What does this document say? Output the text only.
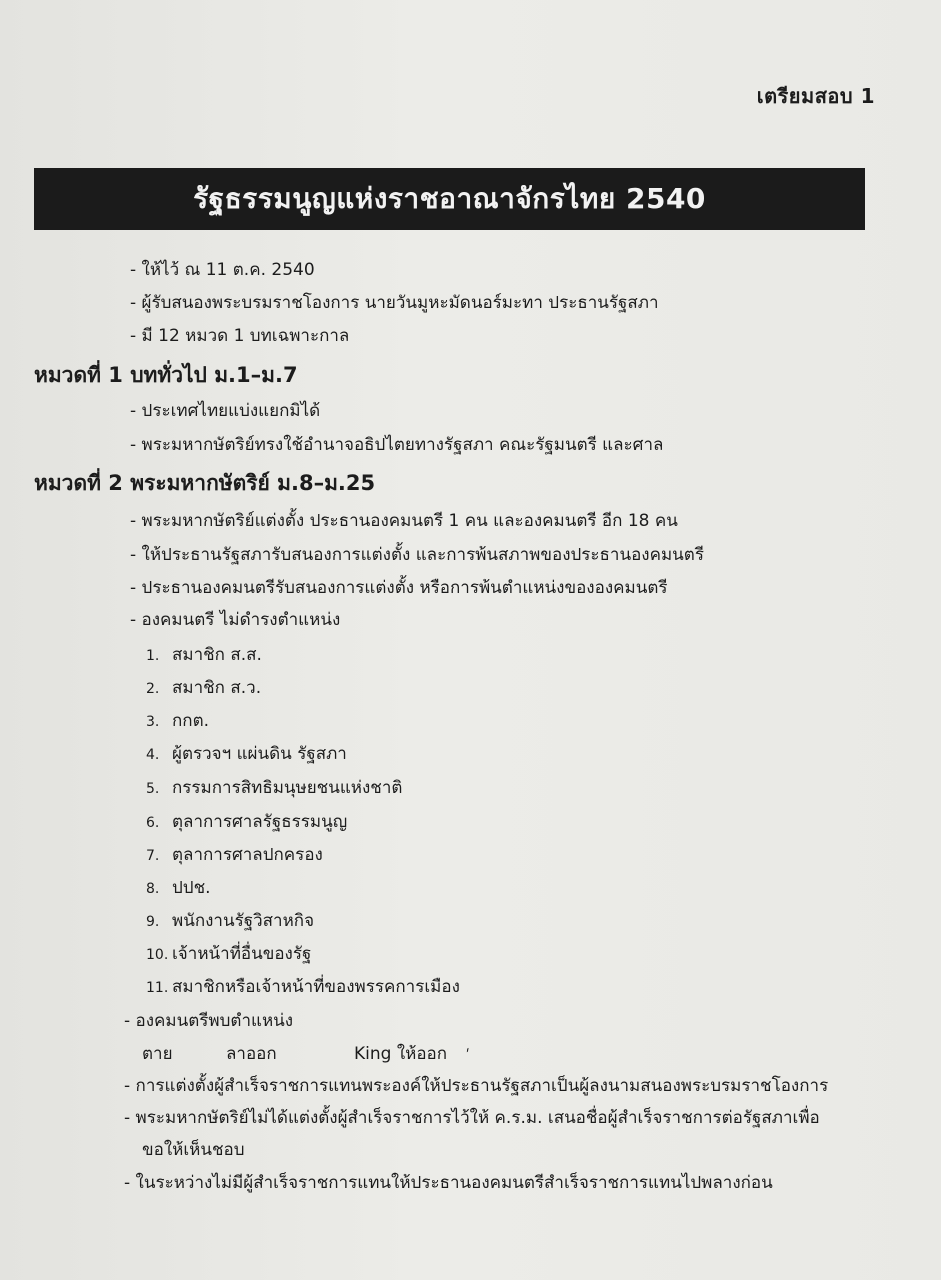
เตรียมสอบ 1
รัฐธรรมนูญแห่งราชอาณาจักรไทย 2540
- ให้ไว้ ณ 11 ต.ค. 2540
- ผู้รับสนองพระบรมราชโองการ นายวันมูหะมัดนอร์มะทา ประธานรัฐสภา
- มี 12 หมวด 1 บทเฉพาะกาล
หมวดที่ 1 บททั่วไป ม.1–ม.7
- ประเทศไทยแบ่งแยกมิได้
- พระมหากษัตริย์ทรงใช้อำนาจอธิปไตยทางรัฐสภา คณะรัฐมนตรี และศาล
หมวดที่ 2 พระมหากษัตริย์ ม.8–ม.25
- พระมหากษัตริย์แต่งตั้ง ประธานองคมนตรี 1 คน และองคมนตรี อีก 18 คน
- ให้ประธานรัฐสภารับสนองการแต่งตั้ง และการพ้นสภาพของประธานองคมนตรี
- ประธานองคมนตรีรับสนองการแต่งตั้ง หรือการพ้นตำแหน่งขององคมนตรี
- องคมนตรี ไม่ดำรงตำแหน่ง
1. สมาชิก ส.ส.
2. สมาชิก ส.ว.
3. กกต.
4. ผู้ตรวจฯ แผ่นดิน รัฐสภา
5. กรรมการสิทธิมนุษยชนแห่งชาติ
6. ตุลาการศาลรัฐธรรมนูญ
7. ตุลาการศาลปกครอง
8. ปปช.
9. พนักงานรัฐวิสาหกิจ
10. เจ้าหน้าที่อื่นของรัฐ
11. สมาชิกหรือเจ้าหน้าที่ของพรรคการเมือง
- องคมนตรีพบตำแหน่ง
ตาย	ลาออก	King ให้ออก ˊ
- การแต่งตั้งผู้สำเร็จราชการแทนพระองค์ให้ประธานรัฐสภาเป็นผู้ลงนามสนองพระบรมราชโองการ
- พระมหากษัตริย์ไม่ได้แต่งตั้งผู้สำเร็จราชการไว้ให้ ค.ร.ม. เสนอชื่อผู้สำเร็จราชการต่อรัฐสภาเพื่อ
ขอให้เห็นชอบ
- ในระหว่างไม่มีผู้สำเร็จราชการแทนให้ประธานองคมนตรีสำเร็จราชการแทนไปพลางก่อน
